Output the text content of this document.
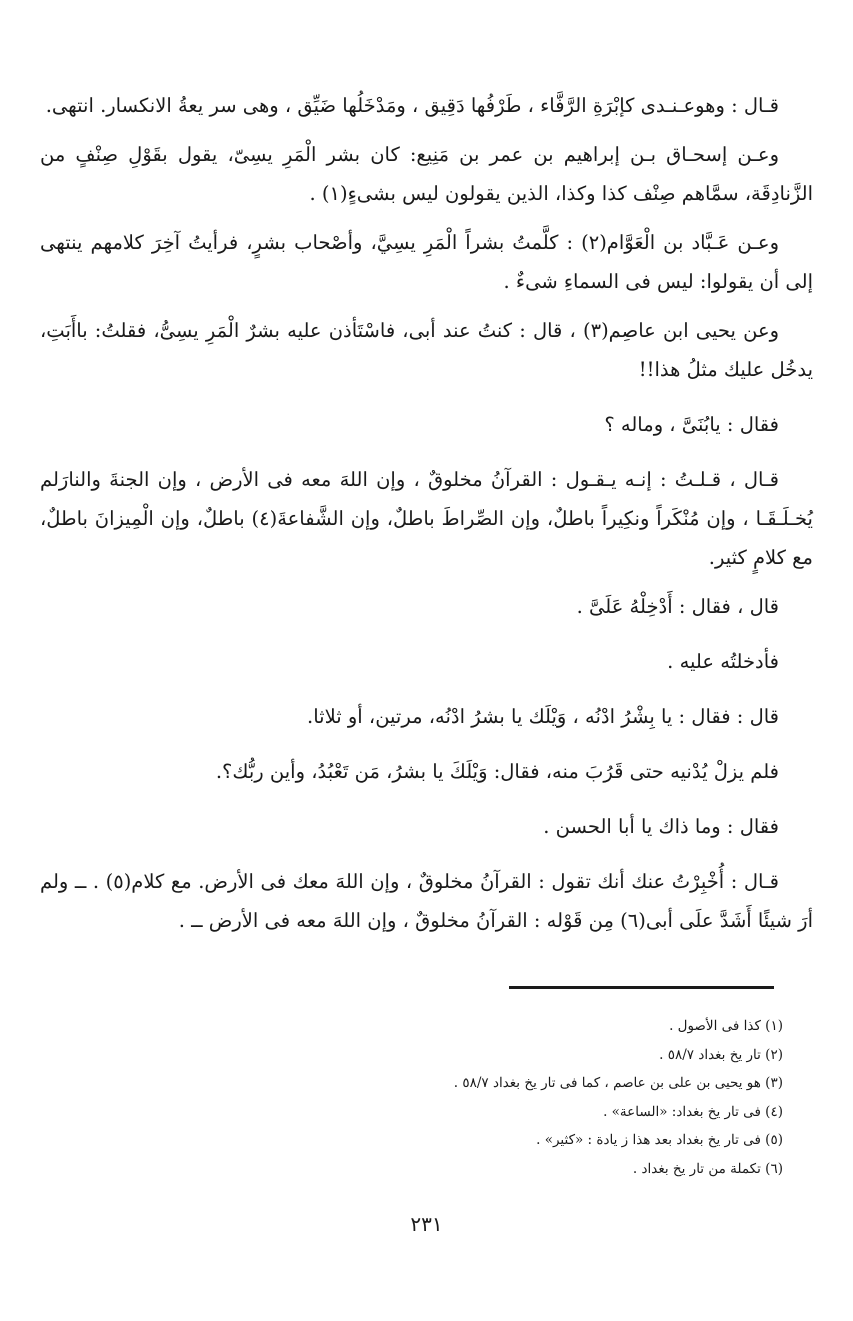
قـال : وهوعـنـدى كإبْرَةِ الرَّفَّاء ، طَرْفُها دَقِيق ، ومَدْخَلُها ضَيِّق ، وهى سر يعةُ الانكسار. انتهى.

وعـن إسحـاق بـن إبراهيم بن عمر بن مَنِيع: كان بشر الْمَرِ يسِىّ، يقول بقَوْلِ صِنْفٍ من الزَّنادِقَة، سمَّاهم صِنْف كذا وكذا، الذين يقولون ليس بشىءٍ(١) .

وعـن عَـبَّاد بن الْعَوَّام(٢) : كلَّمتُ بشراً الْمَرِ يسِيَّ، وأصْحاب بشرٍ، فرأيتُ آخِرَ كلامهم ينتهى إلى أن يقولوا: ليس فى السماءِ شىءٌ .

وعن يحيى ابن عاصِم(٣) ، قال : كنتُ عند أبى، فاسْتَأذن عليه بشرٌ الْمَرِ يسِىُّ، فقلتُ: باأَبَتِ، يدخُل عليك مثلُ هذا!!

فقال : يابُنَىَّ ، وماله ؟

قـال ، قـلـتُ : إنـه يـقـول : القرآنُ مخلوقٌ ، وإن اللهَ معه فى الأرض ، وإن الجنةَ والنارَلم يُخـلَـقَـا ، وإن مُنْكَراً ونكِيراً باطلٌ، وإن الصِّراطَ باطلٌ، وإن الشَّفاعةَ(٤) باطلٌ، وإن الْمِيزانَ باطلٌ، مع كلامٍ كثير.

قال ، فقال : أَدْخِلْهُ عَلَىَّ .

فأدخلتُه عليه .

قال : فقال : يا بِشْرُ ادْنُه ، وَيْلَك يا بشرُ ادْنُه، مرتين، أو ثلاثا.

فلم يزلْ يُدْنيه حتى قَرُبَ منه، فقال: وَيْلَكَ يا بشرُ، مَن تَعْبُدُ، وأين ربُّك؟.

فقال : وما ذاك يا أبا الحسن .

قـال : أُخْبِرْتُ عنك أنك تقول : القرآنُ مخلوقٌ ، وإن اللهَ معك فى الأرض. مع كلام(٥) . ــ ولم أرَ شيئًا أَشَدَّ علَى أبى(٦) مِن قَوْله : القرآنُ مخلوقٌ ، وإن اللهَ معه فى الأرض ــ .

(١) كذا فى الأصول .
(٢) تار يخ بغداد ٥٨/٧ .
(٣) هو يحيى بن على بن عاصم ، كما فى تار يخ بغداد ٥٨/٧ .
(٤) فى تار يخ بغداد: «الساعة» .
(٥) فى تار يخ بغداد بعد هذا ز يادة : «كثير» .
(٦) تكملة من تار يخ بغداد .
٢٣١
